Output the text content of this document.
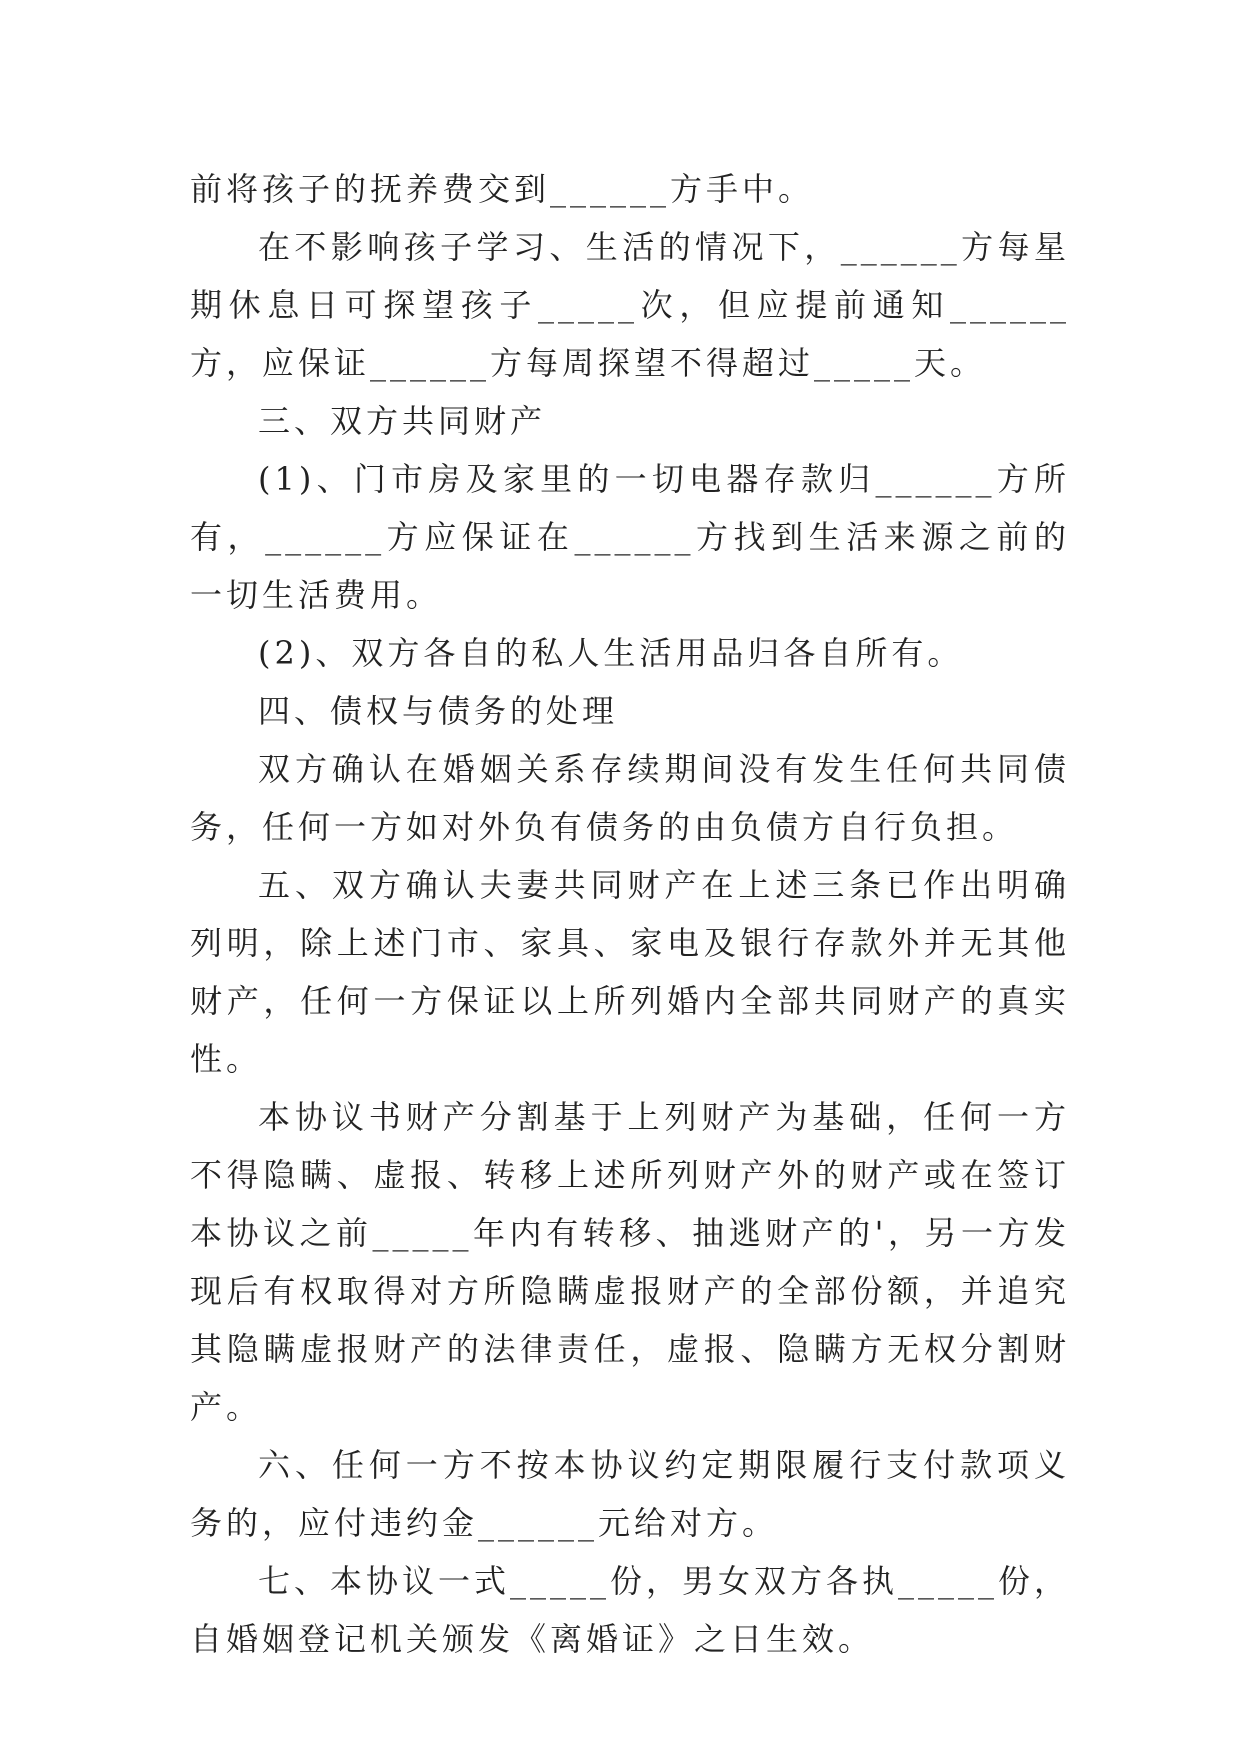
前将孩子的抚养费交到______方手中。

在不影响孩子学习、生活的情况下，______方每星期休息日可探望孩子_____次，但应提前通知______方，应保证______方每周探望不得超过_____天。

三、双方共同财产

(1)、门市房及家里的一切电器存款归______方所有，______方应保证在______方找到生活来源之前的一切生活费用。

(2)、双方各自的私人生活用品归各自所有。

四、债权与债务的处理

双方确认在婚姻关系存续期间没有发生任何共同债务，任何一方如对外负有债务的由负债方自行负担。

五、双方确认夫妻共同财产在上述三条已作出明确列明，除上述门市、家具、家电及银行存款外并无其他财产，任何一方保证以上所列婚内全部共同财产的真实性。

本协议书财产分割基于上列财产为基础，任何一方不得隐瞒、虚报、转移上述所列财产外的财产或在签订本协议之前_____年内有转移、抽逃财产的'，另一方发现后有权取得对方所隐瞒虚报财产的全部份额，并追究其隐瞒虚报财产的法律责任，虚报、隐瞒方无权分割财产。

六、任何一方不按本协议约定期限履行支付款项义务的，应付违约金______元给对方。

七、本协议一式_____份，男女双方各执_____份，自婚姻登记机关颁发《离婚证》之日生效。
